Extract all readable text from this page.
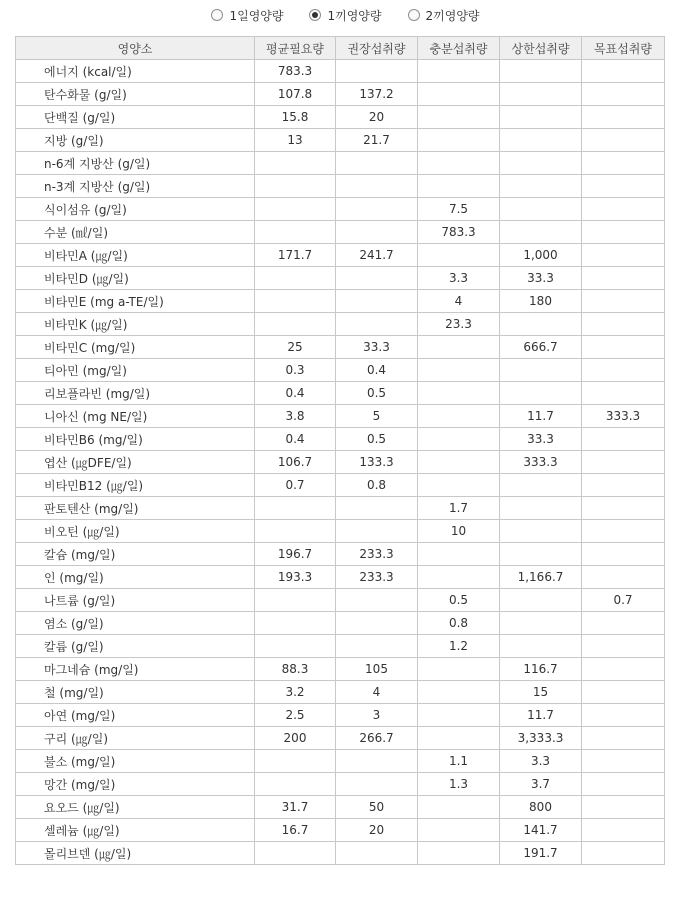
1일영양량	1끼영양량	2끼영양량
영양소	평균필요량	권장섭취량	충분섭취량	상한섭취량	목표섭취량
에너지 (kcal/일)	783.3				
탄수화물 (g/일)	107.8	137.2			
단백질 (g/일)	15.8	20			
지방 (g/일)	13	21.7			
n-6계 지방산 (g/일)					
n-3계 지방산 (g/일)					
식이섬유 (g/일)			7.5		
수분 (㎖/일)			783.3		
비타민A (㎍/일)	171.7	241.7		1,000	
비타민D (㎍/일)			3.3	33.3	
비타민E (mg a-TE/일)			4	180	
비타민K (㎍/일)			23.3		
비타민C (mg/일)	25	33.3		666.7	
티아민 (mg/일)	0.3	0.4			
리보플라빈 (mg/일)	0.4	0.5			
니아신 (mg NE/일)	3.8	5		11.7	333.3
비타민B6 (mg/일)	0.4	0.5		33.3	
엽산 (㎍DFE/일)	106.7	133.3		333.3	
비타민B12 (㎍/일)	0.7	0.8			
판토텐산 (mg/일)			1.7		
비오틴 (㎍/일)			10		
칼슘 (mg/일)	196.7	233.3			
인 (mg/일)	193.3	233.3		1,166.7	
나트륨 (g/일)			0.5		0.7
염소 (g/일)			0.8		
칼륨 (g/일)			1.2		
마그네슘 (mg/일)	88.3	105		116.7	
철 (mg/일)	3.2	4		15	
아연 (mg/일)	2.5	3		11.7	
구리 (㎍/일)	200	266.7		3,333.3	
불소 (mg/일)			1.1	3.3	
망간 (mg/일)			1.3	3.7	
요오드 (㎍/일)	31.7	50		800	
셀레늄 (㎍/일)	16.7	20		141.7	
몰리브덴 (㎍/일)				191.7	
